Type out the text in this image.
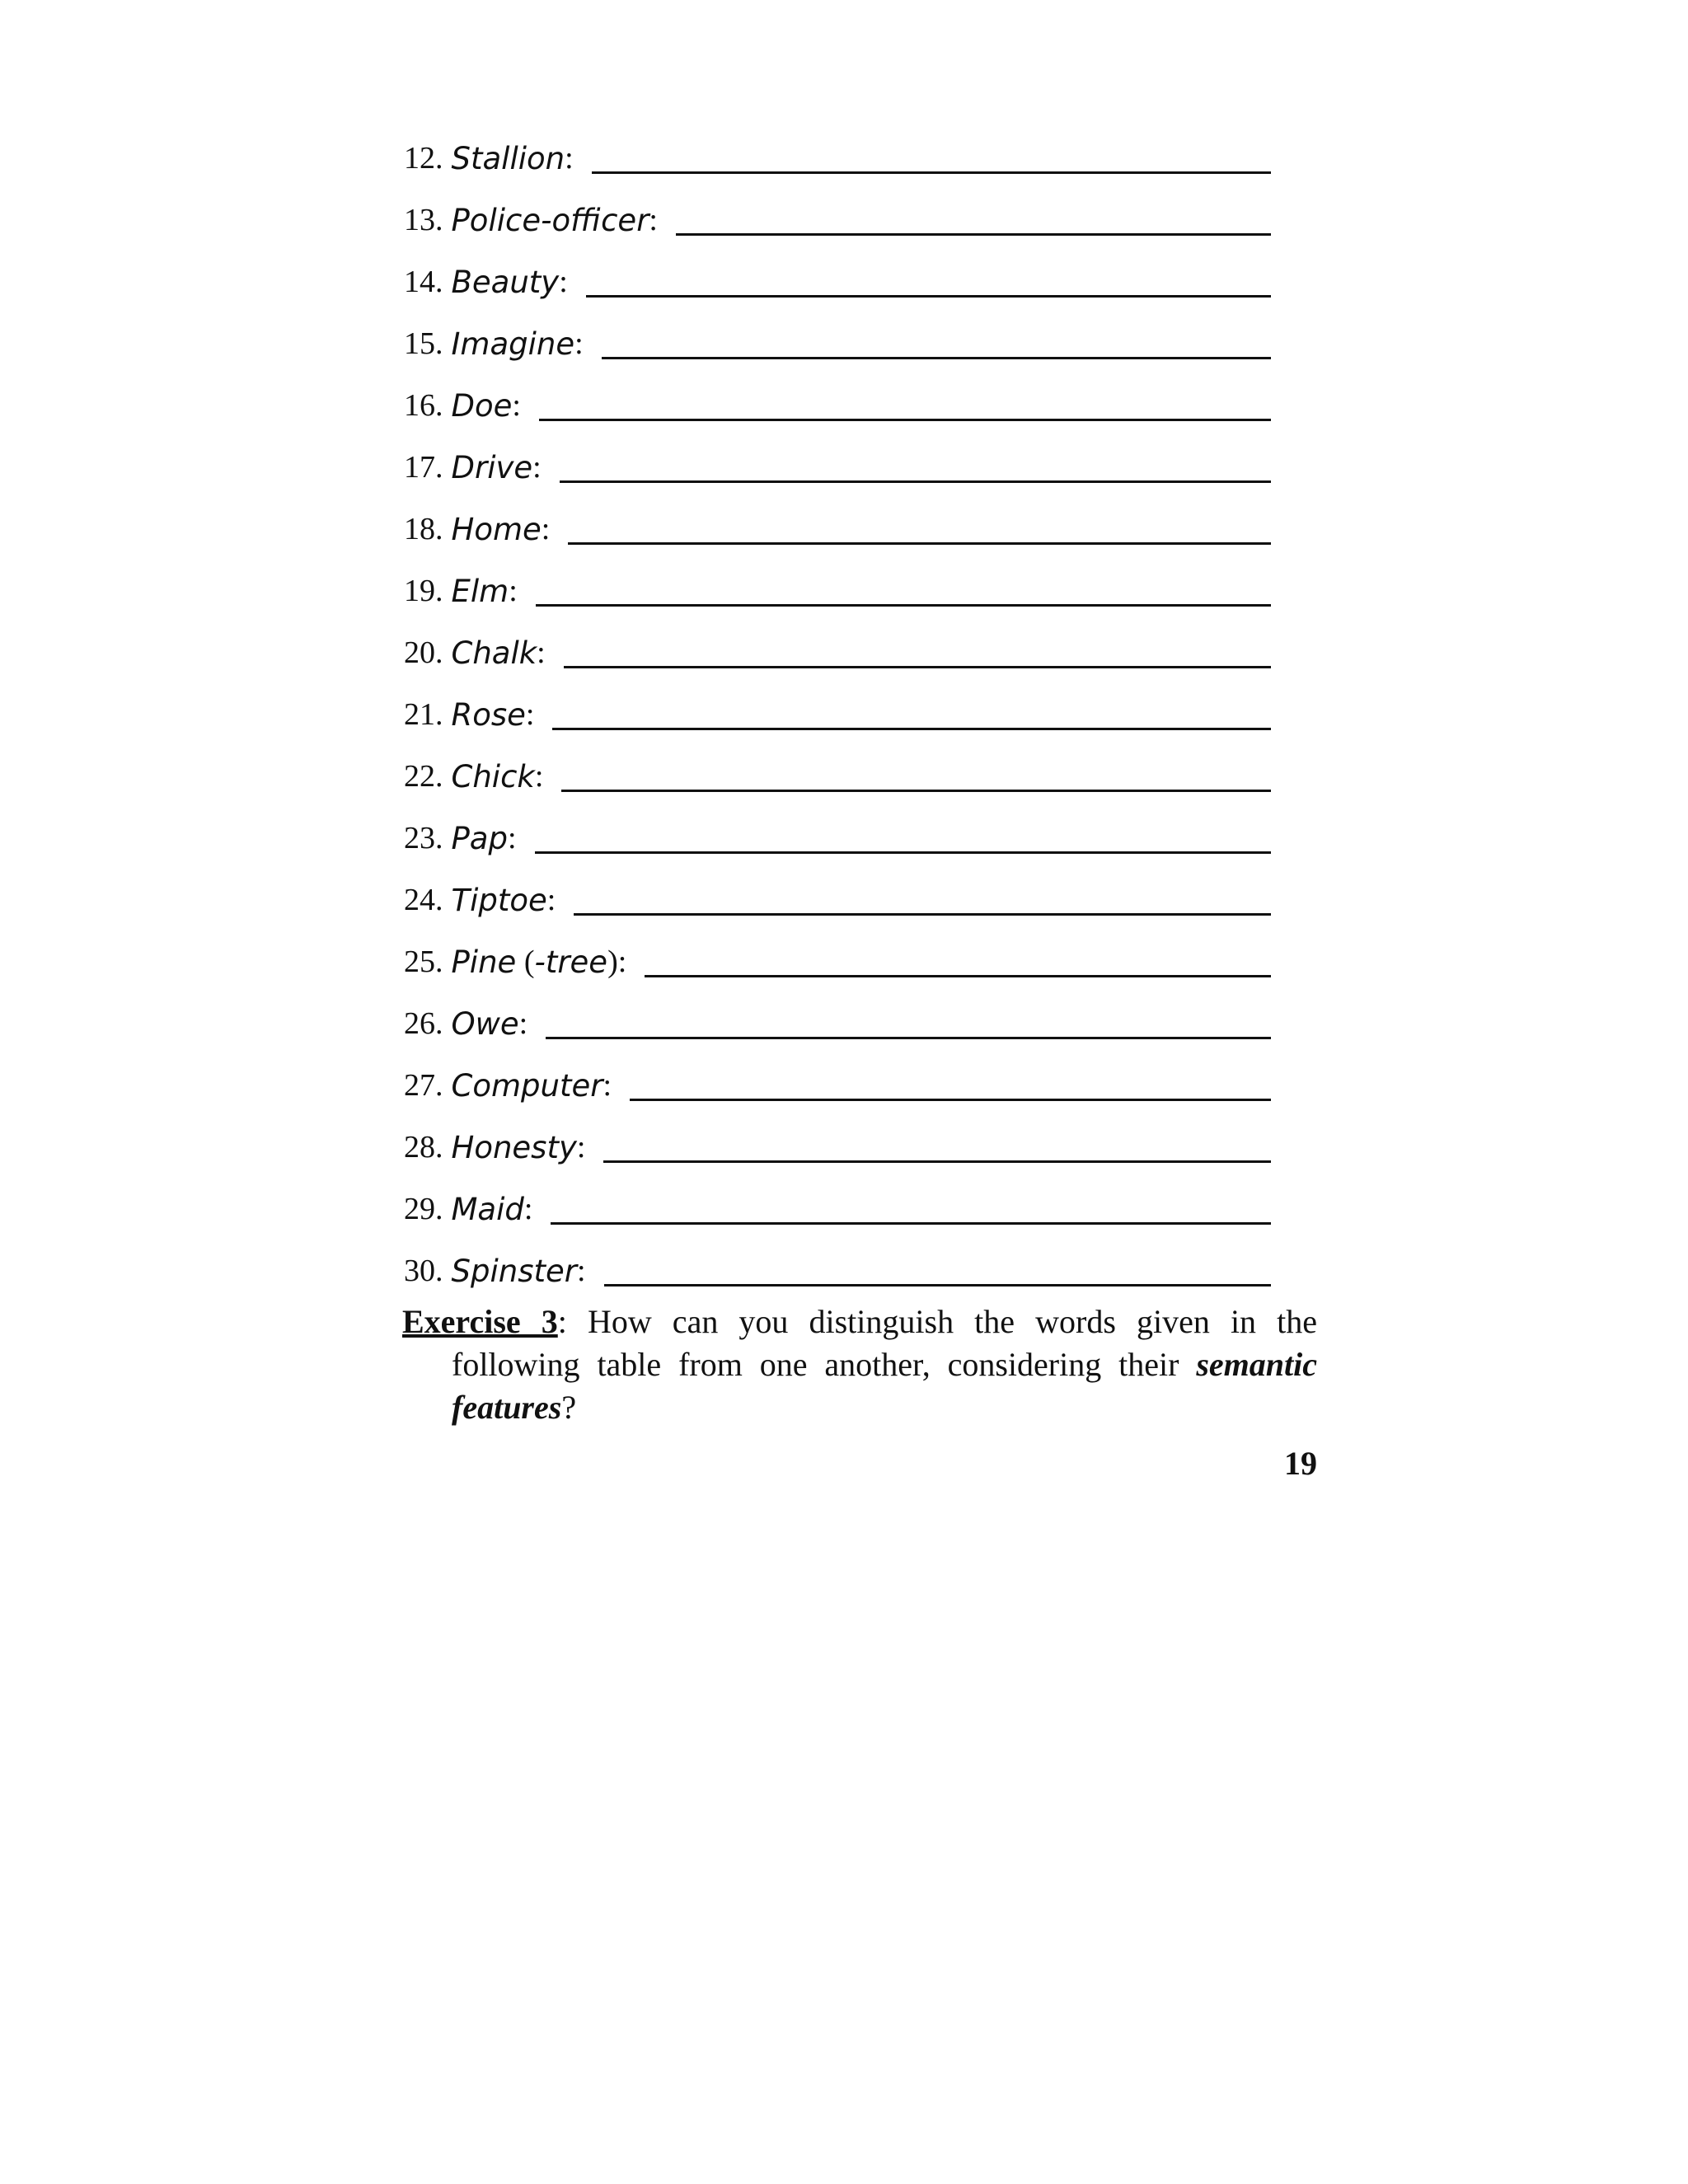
12. Stallion :
13. Police-officer :
14. Beauty :
15. Imagine :
16. Doe :
17. Drive :
18. Home :
19. Elm :
20. Chalk :
21. Rose :
22. Chick :
23. Pap :
24. Tiptoe :
25. Pine ( -tree ):
26. Owe :
27. Computer :
28. Honesty :
29. Maid :
30. Spinster :

Exercise 3: How can you distinguish the words given in the following table from one another, considering their semantic features?

19
